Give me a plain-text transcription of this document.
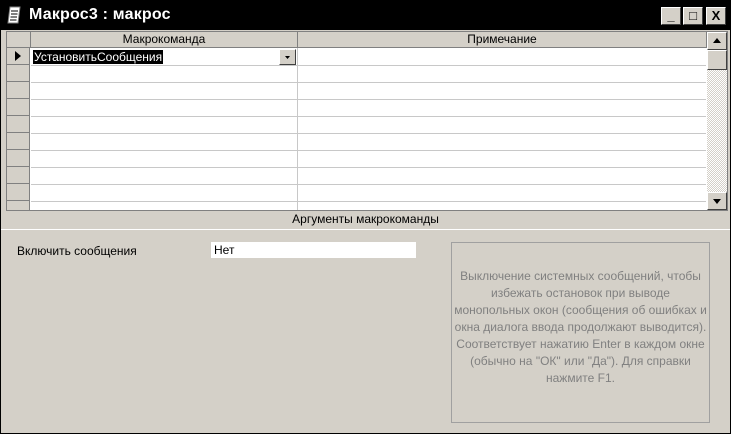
Макрос3 : макрос	_	□	X
Макрокоманда	Примечание
УстановитьСообщения
Аргументы макрокоманды
Включить сообщения	Нет
Выключение системных сообщений, чтобы избежать остановок при выводе монопольных окон (сообщения об ошибках и окна диалога ввода продолжают выводится). Соответствует нажатию Enter в каждом окне (обычно на "ОК" или "Да"). Для справки нажмите F1.
